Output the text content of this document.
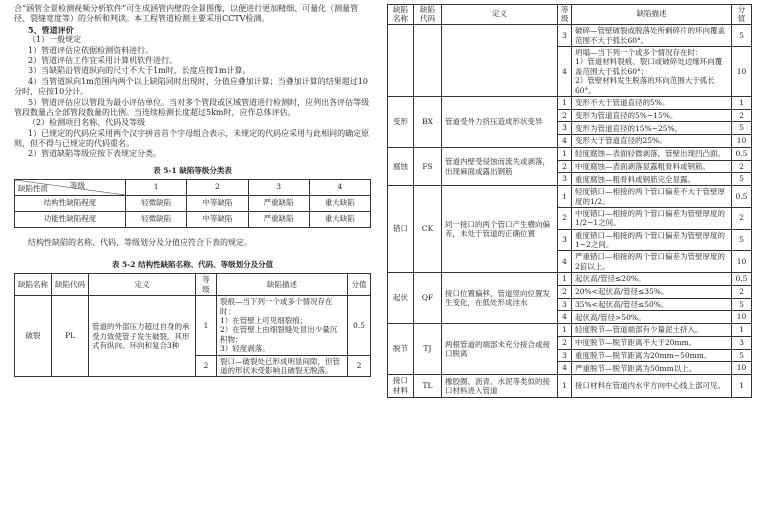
合“涵管全景检测视频分析软件”可生成涵管内壁的全景图像，以便进行更加精细、可量化（测量管径、裂缝宽度等）的分析和判读。本工程管道检测主要采用CCTV检测。

5、管道评价

（1）一般规定

1）管道评估应依据检测资料进行。

2）管道评估工作宜采用计算机软件进行。

3）当缺陷沿管道纵向的尺寸不大于1m时，长度应按1m计算。

4）当管道纵向1m范围内两个以上缺陷同时出现时，分值应叠加计算；当叠加计算的结果超过10分时，应按10分计。

5）管道评估应以管段为最小评估单位。当对多个管段或区域管道进行检测时，应列出各评估等级管段数量占全部管段数量的比例。当连续检测长度超过5km时，应作总体评估。

（2）检测项目名称、代码及等级

1）已规定的代码应采用两个汉字拼音首个字母组合表示，未规定的代码应采用与此相同的确定原则，但不得与已规定的代码重名。

2）管道缺陷等级应按下表规定分类。

表 5-1 缺陷等级分类表
等级
缺陷性质	1	2	3	4
结构性缺陷程度	轻微缺陷	中等缺陷	严重缺陷	重大缺陷
功能性缺陷程度	轻微缺陷	中等缺陷	严重缺陷	重大缺陷

结构性缺陷的名称、代码、等级划分及分值应符合下表的规定。

表 5-2 结构性缺陷名称、代码、等级划分及分值
缺陷名称	缺陷代码	定义	等级	缺陷描述	分值
破裂	PL	管道的外部压力超过自身的承受力致使管子发生破裂。其形式有纵向、环向和复合3种	1	裂痕—当下列一个或多个情况存在时：
1）在管壁上可见细裂痕；
2）在管壁上由细裂缝处冒出少量沉积物；
3）轻度剥落。	0.5
			2	裂口—破裂处已形成明显间隙，但管道的形状未受影响且破裂无脱落。	2
缺陷名称	缺陷代码	定义	等级	缺陷描述	分值
			3	破碎—管壁破裂或脱落处所剩碎片的环向覆盖范围不大于弧长60°。	5
			4	坍塌—当下列一个或多个情况存在时：
1）管道材料裂痕、裂口或破碎处边缘环向覆盖范围大于弧长60°；
2）管壁材料发生脱落的环向范围大于弧长60°。	10
变形	BX	管道受外力挤压造成形状变异	1	变形不大于管道直径的5%。	1
			2	变形为管道直径的5%~15%。	2
			3	变形为管道直径的15%~25%。	5
			4	变形大于管道直径的25%。	10
腐蚀	FS	管道内壁受侵蚀而流失或剥落，出现麻面或露出钢筋	1	轻度腐蚀—表面轻微剥落，管壁出现凹凸面。	0.5
			2	中度腐蚀—表面剥落显露粗骨料或钢筋。	2
			3	重度腐蚀—粗骨料或钢筋完全显露。	5
错口	CK	同一接口的两个管口产生横向偏差，未处于管道的正确位置	1	轻度错口—相接的两个管口偏差不大于管壁厚度的1/2。	0.5
			2	中度错口—相接的两个管口偏差为管壁厚度的1/2~1之间。	2
			3	重度错口—相接的两个管口偏差为管壁厚度的1~2之间。	5
			4	严重错口—相接的两个管口偏差为管壁厚度的2倍以上。	10
起伏	QF	接口位置偏移，管道竖向位置发生变化，在低处形成洼水	1	起伏高/管径≤20%。	0.5
			2	20%<起伏高/管径≤35%。	2
			3	35%<起伏高/管径≤50%。	5
			4	起伏高/管径>50%。	10
脱节	TJ	两根管道的端部未充分接合或接口脱离	1	轻度脱节—管道端部有少量泥土挤入。	1
			2	中度脱节—脱节距离不大于20mm。	3
			3	重度脱节—脱节距离为20mm~50mm。	5
			4	严重脱节—脱节距离为50mm以上。	10
接口材料	TL	橡胶圈、沥青、水泥等类似的接口材料进入管道	1	接口材料在管道内水平方向中心线上部可见。	1
